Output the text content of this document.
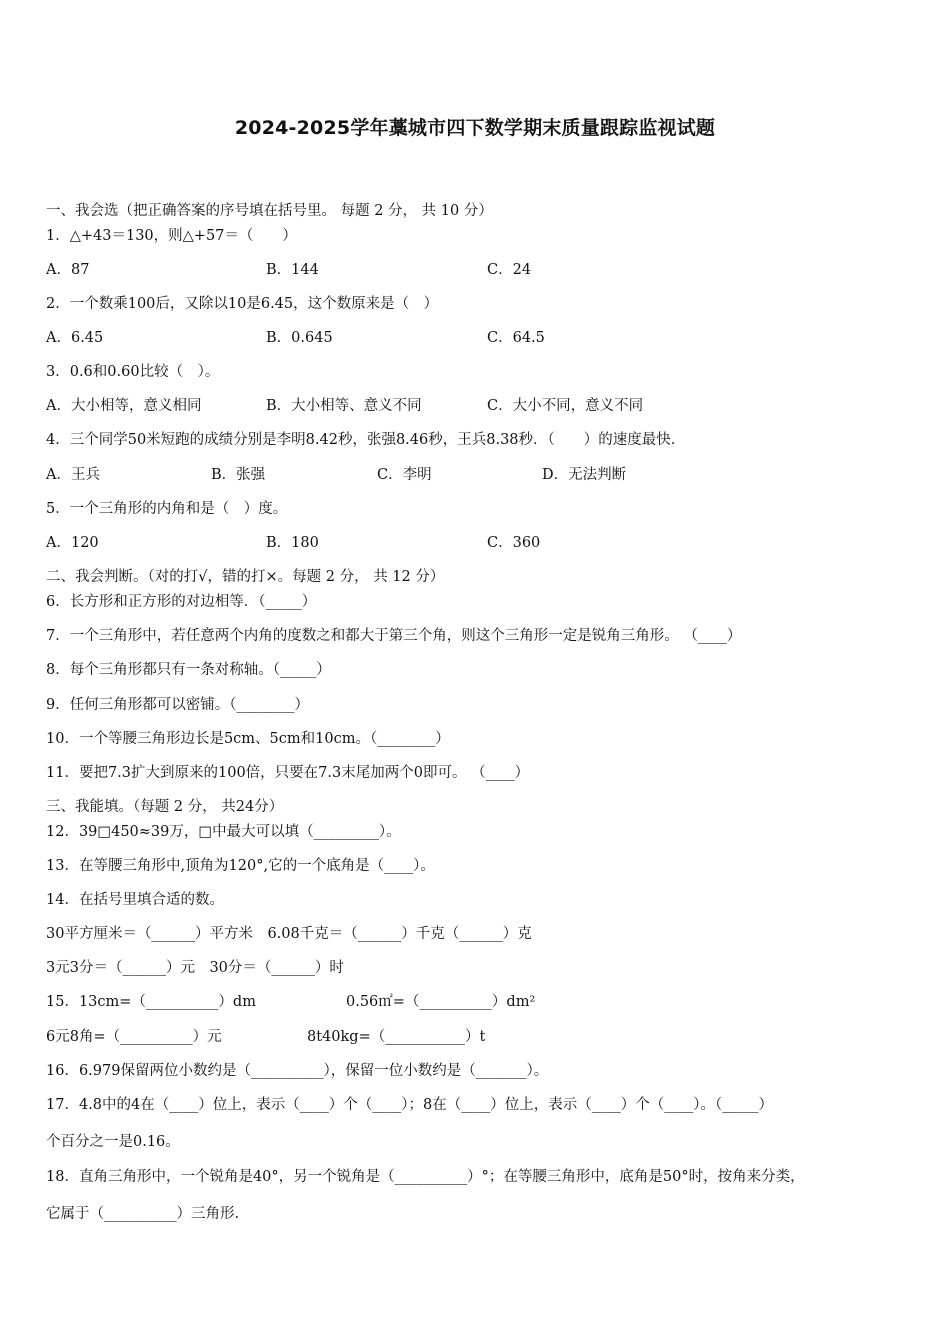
2024-2025学年藁城市四下数学期末质量跟踪监视试题
一、我会选（把正确答案的序号填在括号里。 每题 2 分， 共 10 分）
1．△+43＝130，则△+57＝（　　）
A．87	B．144	C．24
2．一个数乘100后，又除以10是6.45，这个数原来是（　）
A．6.45	B．0.645	C．64.5
3．0.6和0.60比较（　）。
A．大小相等，意义相同	B．大小相等、意义不同	C．大小不同，意义不同
4．三个同学50米短跑的成绩分别是李明8.42秒，张强8.46秒，王兵8.38秒．（　　）的速度最快．
A．王兵	B．张强	C．李明	D．无法判断
5．一个三角形的内角和是（　）度。
A．120	B．180	C．360
二、我会判断。（对的打√，错的打×。每题 2 分， 共 12 分）
6．长方形和正方形的对边相等．（_____）
7．一个三角形中，若任意两个内角的度数之和都大于第三个角，则这个三角形一定是锐角三角形。 （____）
8．每个三角形都只有一条对称轴。（_____）
9．任何三角形都可以密铺。（________）
10．一个等腰三角形边长是5cm、5cm和10cm。（________）
11．要把7.3扩大到原来的100倍，只要在7.3末尾加两个0即可。 （____）
三、我能填。（每题 2 分， 共24分）
12．39□450≈39万，□中最大可以填（_________）。
13．在等腰三角形中,顶角为120°,它的一个底角是（____）。
14．在括号里填合适的数。
30平方厘米＝（______）平方米　6.08千克＝（______）千克（______）克
3元3分＝（______）元　30分＝（______）时
15．13cm=（__________）dm	0.56㎡=（__________）dm²
6元8角=（__________）元	8t40kg=（___________）t
16．6.979保留两位小数约是（__________），保留一位小数约是（_______）。
17．4.8中的4在（____）位上，表示（____）个（____）；8在（____）位上，表示（____）个（____）。（_____）
个百分之一是0.16。
18．直角三角形中，一个锐角是40°，另一个锐角是（__________）°；在等腰三角形中，底角是50°时，按角来分类，
它属于（__________）三角形.
